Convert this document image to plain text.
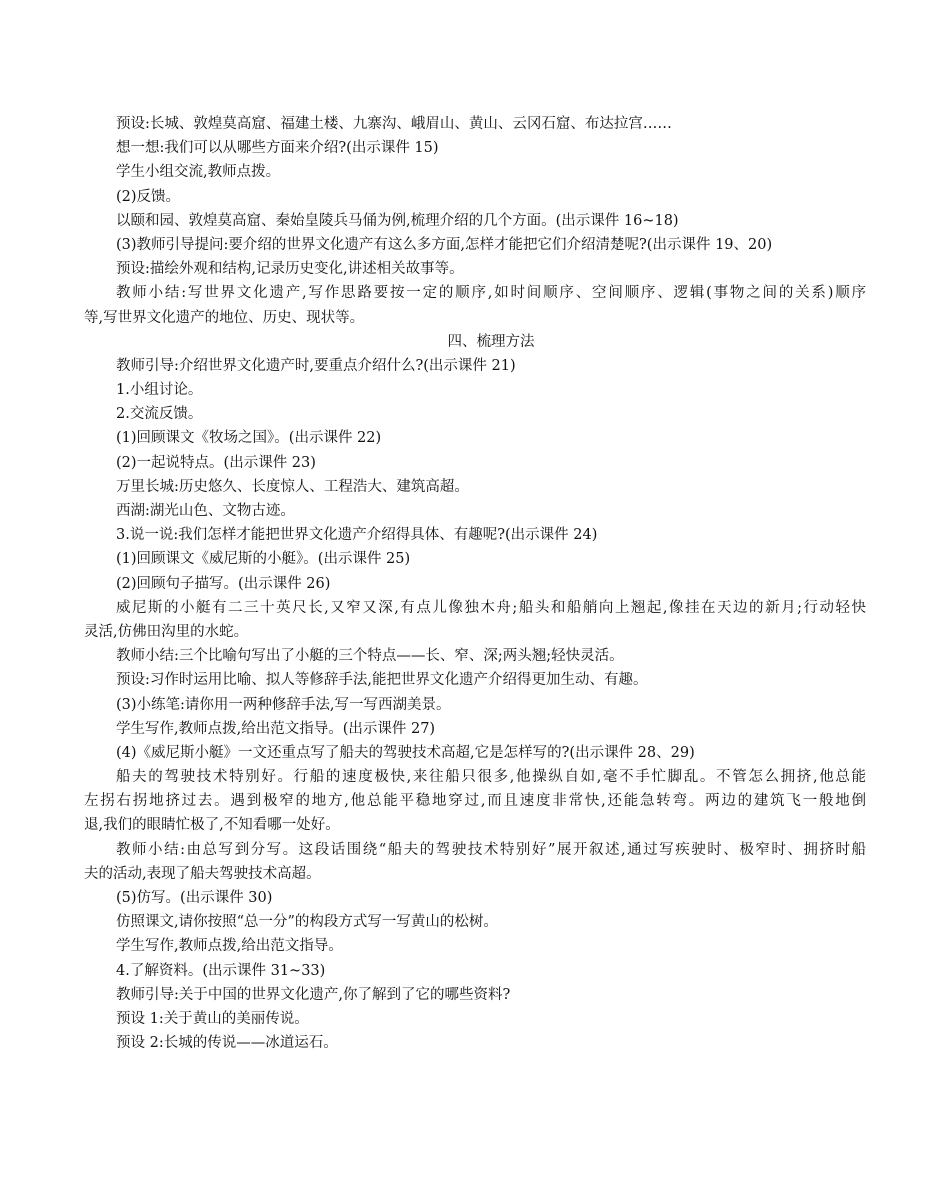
预设:长城、敦煌莫高窟、福建土楼、九寨沟、峨眉山、黄山、云冈石窟、布达拉宫……
想一想:我们可以从哪些方面来介绍?(出示课件 15)
学生小组交流,教师点拨。
(2)反馈。
以颐和园、敦煌莫高窟、秦始皇陵兵马俑为例,梳理介绍的几个方面。(出示课件 16~18)
(3)教师引导提问:要介绍的世界文化遗产有这么多方面,怎样才能把它们介绍清楚呢?(出示课件 19、20)
预设:描绘外观和结构,记录历史变化,讲述相关故事等。
教师小结:写世界文化遗产,写作思路要按一定的顺序,如时间顺序、空间顺序、逻辑(事物之间的关系)顺序
等,写世界文化遗产的地位、历史、现状等。
四、梳理方法
教师引导:介绍世界文化遗产时,要重点介绍什么?(出示课件 21)
1.小组讨论。
2.交流反馈。
(1)回顾课文《牧场之国》。(出示课件 22)
(2)一起说特点。(出示课件 23)
万里长城:历史悠久、长度惊人、工程浩大、建筑高超。
西湖:湖光山色、文物古迹。
3.说一说:我们怎样才能把世界文化遗产介绍得具体、有趣呢?(出示课件 24)
(1)回顾课文《威尼斯的小艇》。(出示课件 25)
(2)回顾句子描写。(出示课件 26)
威尼斯的小艇有二三十英尺长,又窄又深,有点儿像独木舟;船头和船艄向上翘起,像挂在天边的新月;行动轻快
灵活,仿佛田沟里的水蛇。
教师小结:三个比喻句写出了小艇的三个特点——长、窄、深;两头翘;轻快灵活。
预设:习作时运用比喻、拟人等修辞手法,能把世界文化遗产介绍得更加生动、有趣。
(3)小练笔:请你用一两种修辞手法,写一写西湖美景。
学生写作,教师点拨,给出范文指导。(出示课件 27)
(4)《威尼斯小艇》一文还重点写了船夫的驾驶技术高超,它是怎样写的?(出示课件 28、29)
船夫的驾驶技术特别好。行船的速度极快,来往船只很多,他操纵自如,毫不手忙脚乱。不管怎么拥挤,他总能
左拐右拐地挤过去。遇到极窄的地方,他总能平稳地穿过,而且速度非常快,还能急转弯。两边的建筑飞一般地倒
退,我们的眼睛忙极了,不知看哪一处好。
教师小结:由总写到分写。这段话围绕“船夫的驾驶技术特别好”展开叙述,通过写疾驶时、极窄时、拥挤时船
夫的活动,表现了船夫驾驶技术高超。
(5)仿写。(出示课件 30)
仿照课文,请你按照“总一分”的构段方式写一写黄山的松树。
学生写作,教师点拨,给出范文指导。
4.了解资料。(出示课件 31~33)
教师引导:关于中国的世界文化遗产,你了解到了它的哪些资料?
预设 1:关于黄山的美丽传说。
预设 2:长城的传说——冰道运石。
